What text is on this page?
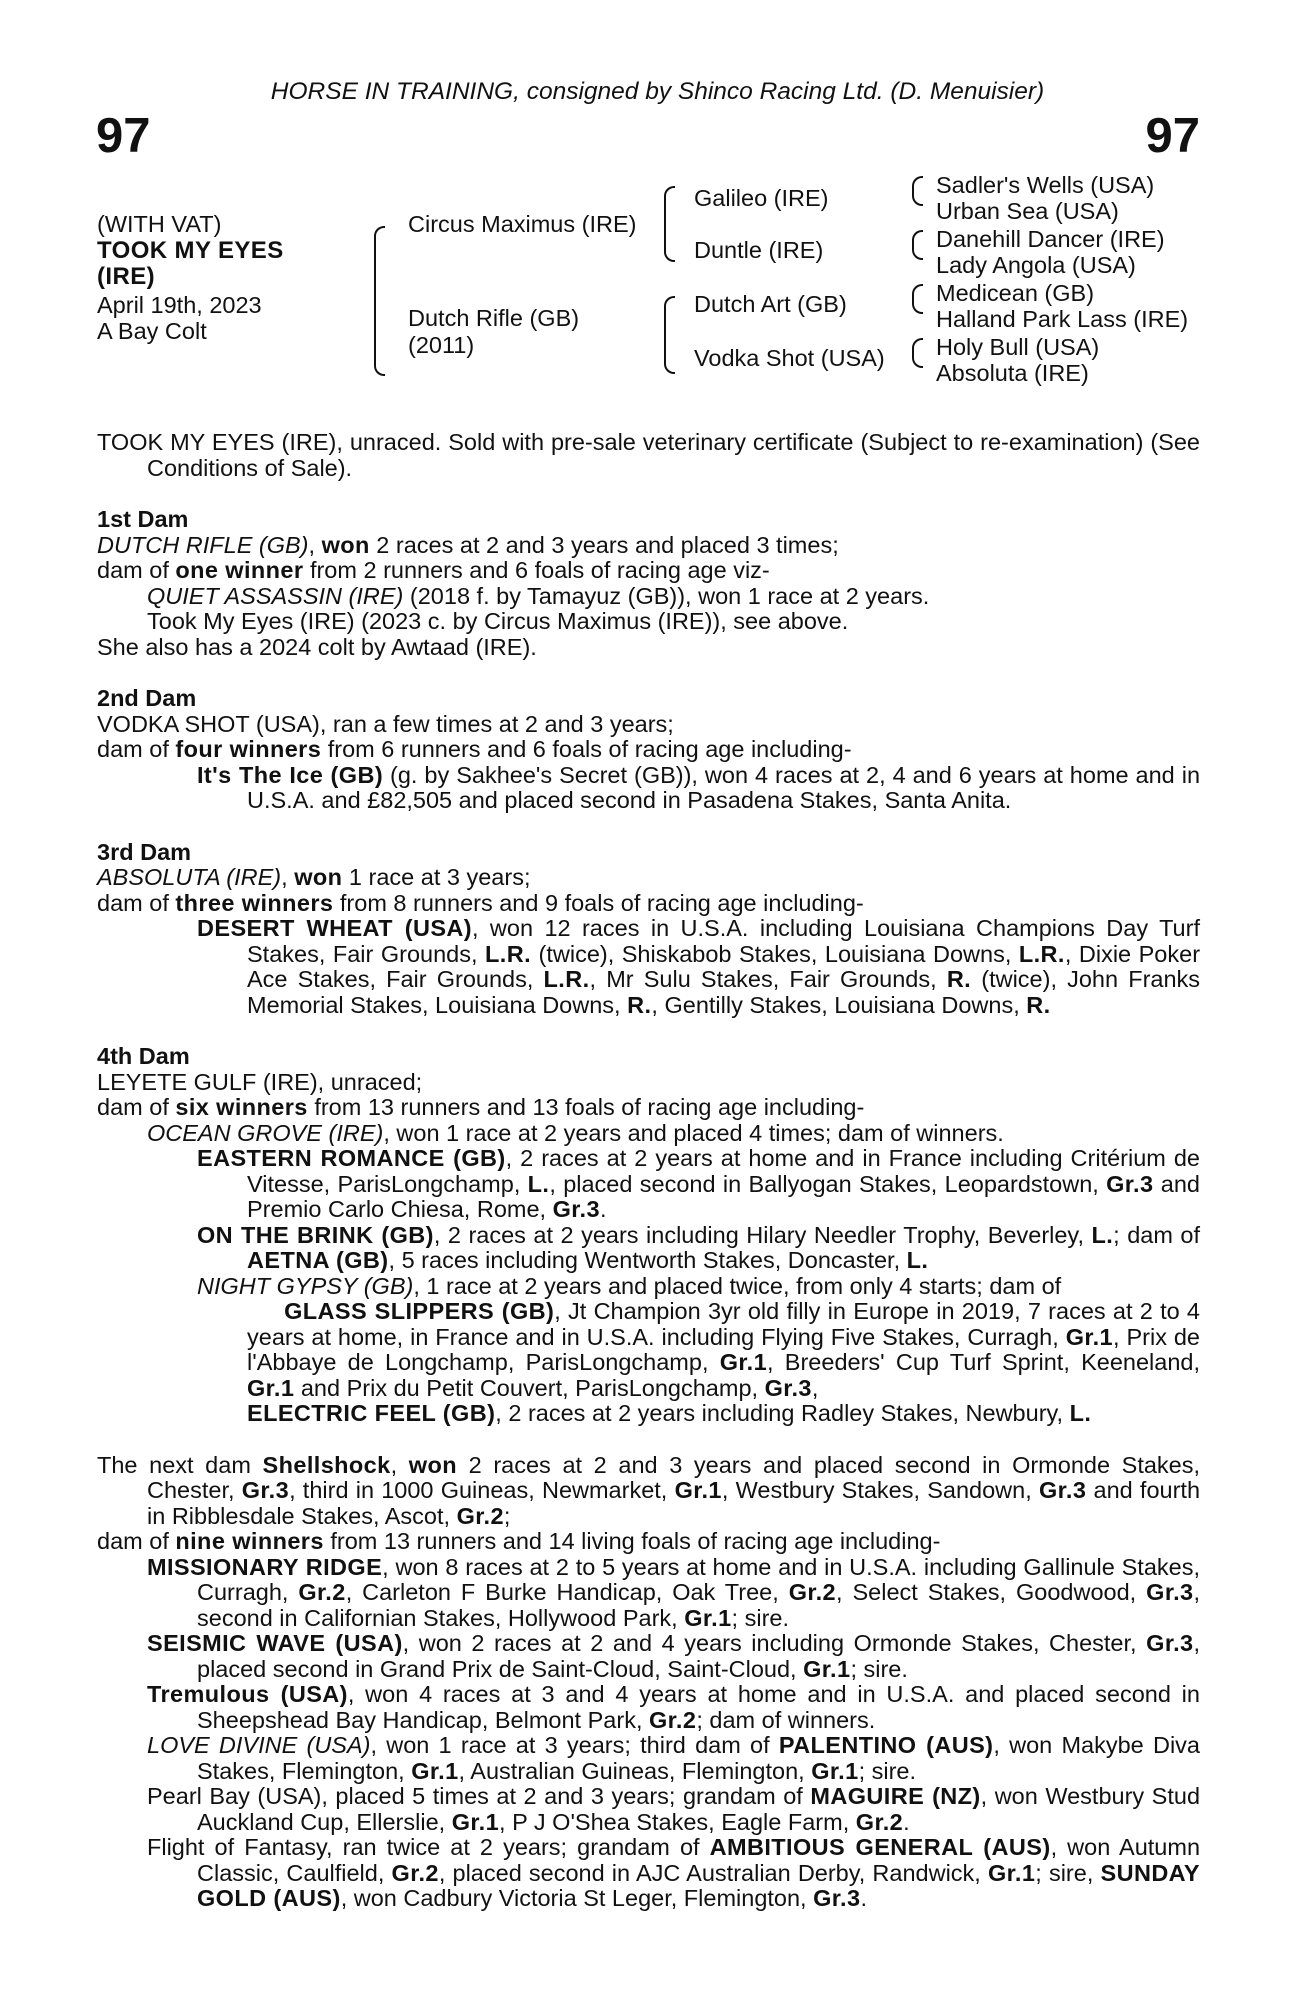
HORSE IN TRAINING, consigned by Shinco Racing Ltd. (D. Menuisier)
97	97
(WITH VAT)
TOOK MY EYES
(IRE)
April 19th, 2023
A Bay Colt
Circus Maximus (IRE)
Dutch Rifle (GB)
(2011)
Galileo (IRE)
Duntle (IRE)
Dutch Art (GB)
Vodka Shot (USA)
Sadler's Wells (USA)
Urban Sea (USA)
Danehill Dancer (IRE)
Lady Angola (USA)
Medicean (GB)
Halland Park Lass (IRE)
Holy Bull (USA)
Absoluta (IRE)

TOOK MY EYES (IRE), unraced. Sold with pre-sale veterinary certificate (Subject to re-examination) (See Conditions of Sale).

1st Dam

DUTCH RIFLE (GB), won 2 races at 2 and 3 years and placed 3 times;

dam of one winner from 2 runners and 6 foals of racing age viz-

QUIET ASSASSIN (IRE) (2018 f. by Tamayuz (GB)), won 1 race at 2 years.

Took My Eyes (IRE) (2023 c. by Circus Maximus (IRE)), see above.

She also has a 2024 colt by Awtaad (IRE).

2nd Dam

VODKA SHOT (USA), ran a few times at 2 and 3 years;

dam of four winners from 6 runners and 6 foals of racing age including-

It's The Ice (GB) (g. by Sakhee's Secret (GB)), won 4 races at 2, 4 and 6 years at home and in U.S.A. and £82,505 and placed second in Pasadena Stakes, Santa Anita.

3rd Dam

ABSOLUTA (IRE), won 1 race at 3 years;

dam of three winners from 8 runners and 9 foals of racing age including-

DESERT WHEAT (USA), won 12 races in U.S.A. including Louisiana Champions Day Turf Stakes, Fair Grounds, L.R. (twice), Shiskabob Stakes, Louisiana Downs, L.R., Dixie Poker Ace Stakes, Fair Grounds, L.R., Mr Sulu Stakes, Fair Grounds, R. (twice), John Franks Memorial Stakes, Louisiana Downs, R., Gentilly Stakes, Louisiana Downs, R.

4th Dam

LEYETE GULF (IRE), unraced;

dam of six winners from 13 runners and 13 foals of racing age including-

OCEAN GROVE (IRE), won 1 race at 2 years and placed 4 times; dam of winners.

EASTERN ROMANCE (GB), 2 races at 2 years at home and in France including Critérium de Vitesse, ParisLongchamp, L., placed second in Ballyogan Stakes, Leopardstown, Gr.3 and Premio Carlo Chiesa, Rome, Gr.3.

ON THE BRINK (GB), 2 races at 2 years including Hilary Needler Trophy, Beverley, L.; dam of AETNA (GB), 5 races including Wentworth Stakes, Doncaster, L.

NIGHT GYPSY (GB), 1 race at 2 years and placed twice, from only 4 starts; dam of

GLASS SLIPPERS (GB), Jt Champion 3yr old filly in Europe in 2019, 7 races at 2 to 4 years at home, in France and in U.S.A. including Flying Five Stakes, Curragh, Gr.1, Prix de l'Abbaye de Longchamp, ParisLongchamp, Gr.1, Breeders' Cup Turf Sprint, Keeneland, Gr.1 and Prix du Petit Couvert, ParisLongchamp, Gr.3,

ELECTRIC FEEL (GB), 2 races at 2 years including Radley Stakes, Newbury, L.

The next dam Shellshock, won 2 races at 2 and 3 years and placed second in Ormonde Stakes, Chester, Gr.3, third in 1000 Guineas, Newmarket, Gr.1, Westbury Stakes, Sandown, Gr.3 and fourth in Ribblesdale Stakes, Ascot, Gr.2;

dam of nine winners from 13 runners and 14 living foals of racing age including-

MISSIONARY RIDGE, won 8 races at 2 to 5 years at home and in U.S.A. including Gallinule Stakes, Curragh, Gr.2, Carleton F Burke Handicap, Oak Tree, Gr.2, Select Stakes, Goodwood, Gr.3, second in Californian Stakes, Hollywood Park, Gr.1; sire.

SEISMIC WAVE (USA), won 2 races at 2 and 4 years including Ormonde Stakes, Chester, Gr.3, placed second in Grand Prix de Saint-Cloud, Saint-Cloud, Gr.1; sire.

Tremulous (USA), won 4 races at 3 and 4 years at home and in U.S.A. and placed second in Sheepshead Bay Handicap, Belmont Park, Gr.2; dam of winners.

LOVE DIVINE (USA), won 1 race at 3 years; third dam of PALENTINO (AUS), won Makybe Diva Stakes, Flemington, Gr.1, Australian Guineas, Flemington, Gr.1; sire.

Pearl Bay (USA), placed 5 times at 2 and 3 years; grandam of MAGUIRE (NZ), won Westbury Stud Auckland Cup, Ellerslie, Gr.1, P J O'Shea Stakes, Eagle Farm, Gr.2.

Flight of Fantasy, ran twice at 2 years; grandam of AMBITIOUS GENERAL (AUS), won Autumn Classic, Caulfield, Gr.2, placed second in AJC Australian Derby, Randwick, Gr.1; sire, SUNDAY GOLD (AUS), won Cadbury Victoria St Leger, Flemington, Gr.3.
